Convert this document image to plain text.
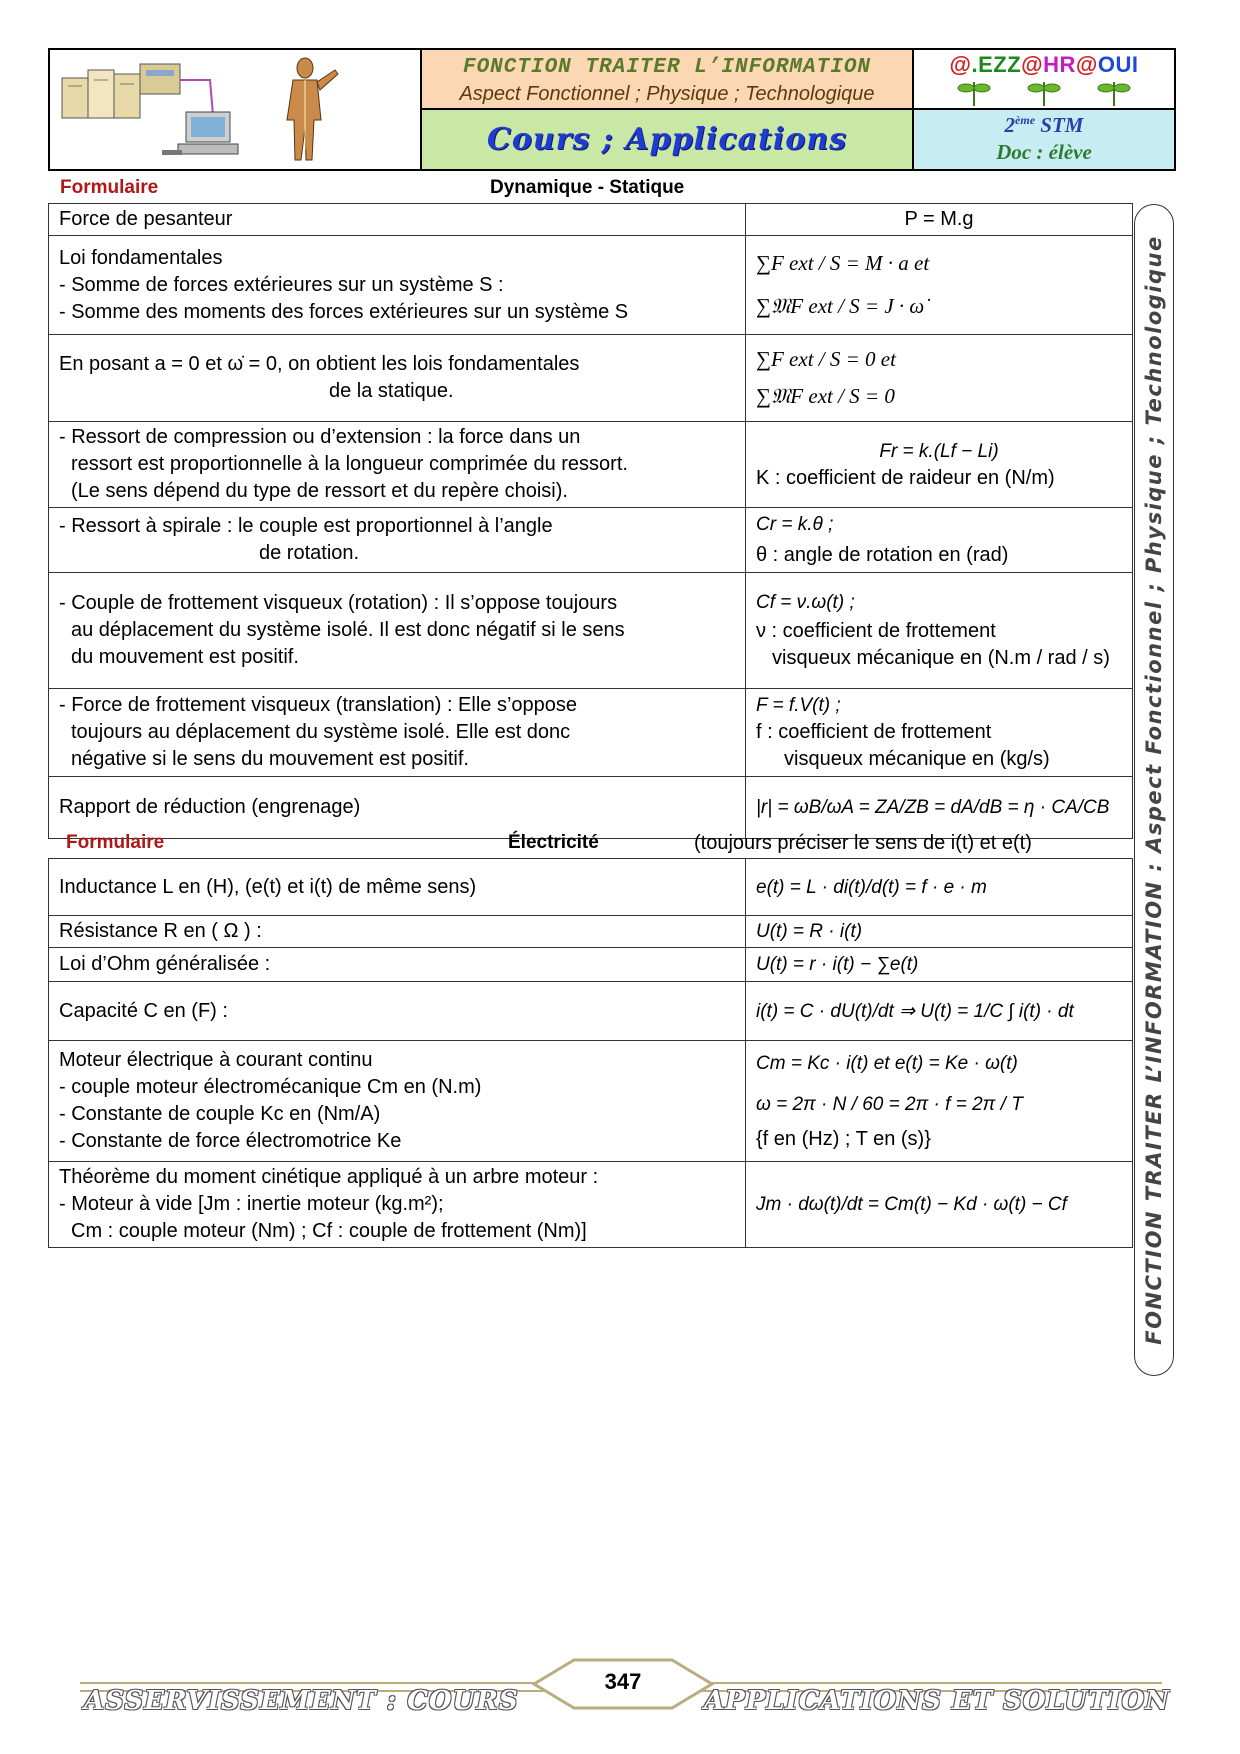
FONCTION TRAITER L’INFORMATION
Aspect Fonctionnel ; Physique ; Technologique
Cours ; Applications
@.EZZ@HR@OUI
2ème STM
Doc : élève
Formulaire	Dynamique - Statique
Force de pesanteur	P = M.g

Loi fondamentales
- Somme de forces extérieures sur un système S :
- Somme des moments des forces extérieures sur un système S	∑F ext / S = M · a et
∑𝔐F ext / S = J · ω̇

En posant a = 0 et ω̇ = 0, on obtient les lois fondamentales
de la statique.	∑F ext / S = 0 et
∑𝔐F ext / S = 0

- Ressort de compression ou d’extension : la force dans un
ressort est proportionnelle à la longueur comprimée du ressort.
(Le sens dépend du type de ressort et du repère choisi).	Fr = k.(Lf − Li)
K : coefficient de raideur en (N/m)

- Ressort à spirale : le couple est proportionnel à l’angle
de rotation.	Cr = k.θ ;
θ : angle de rotation en (rad)

- Couple de frottement visqueux (rotation) : Il s’oppose toujours
au déplacement du système isolé. Il est donc négatif si le sens
du mouvement est positif.	Cf = ν.ω(t) ;
ν : coefficient de frottement
visqueux mécanique en (N.m / rad / s)

- Force de frottement visqueux (translation) : Elle s’oppose
toujours au déplacement du système isolé. Elle est donc
négative si le sens du mouvement est positif.	F = f.V(t) ;
f : coefficient de frottement
visqueux mécanique en (kg/s)

Rapport de réduction (engrenage)	|r| = ωB/ωA = ZA/ZB = dA/dB = η · CA/CB
Formulaire	Électricité	(toujours préciser le sens de i(t) et e(t)
Inductance L en (H), (e(t) et i(t) de même sens)	e(t) = L · di(t)/d(t) = f · e · m
Résistance R en ( Ω ) :	U(t) = R · i(t)
Loi d’Ohm généralisée :	U(t) = r · i(t) − ∑e(t)
Capacité C en (F) :	i(t) = C · dU(t)/dt ⇒ U(t) = 1/C ∫ i(t) · dt

Moteur électrique à courant continu
- couple moteur électromécanique Cm en (N.m)
- Constante de couple Kc en (Nm/A)
- Constante de force électromotrice Ke	Cm = Kc · i(t) et e(t) = Ke · ω(t)
ω = 2π · N / 60 = 2π · f = 2π / T
{f en (Hz) ; T en (s)}

Théorème du moment cinétique appliqué à un arbre moteur :
- Moteur à vide [Jm : inertie moteur (kg.m²);
Cm : couple moteur (Nm) ; Cf : couple de frottement (Nm)]	Jm · dω(t)/dt = Cm(t) − Kd · ω(t) − Cf	FONCTION TRAITER L’INFORMATION : Aspect Fonctionnel ; Physique ; Technologique
ASSERVISSEMENT : COURS	APPLICATIONS ET SOLUTION
347
